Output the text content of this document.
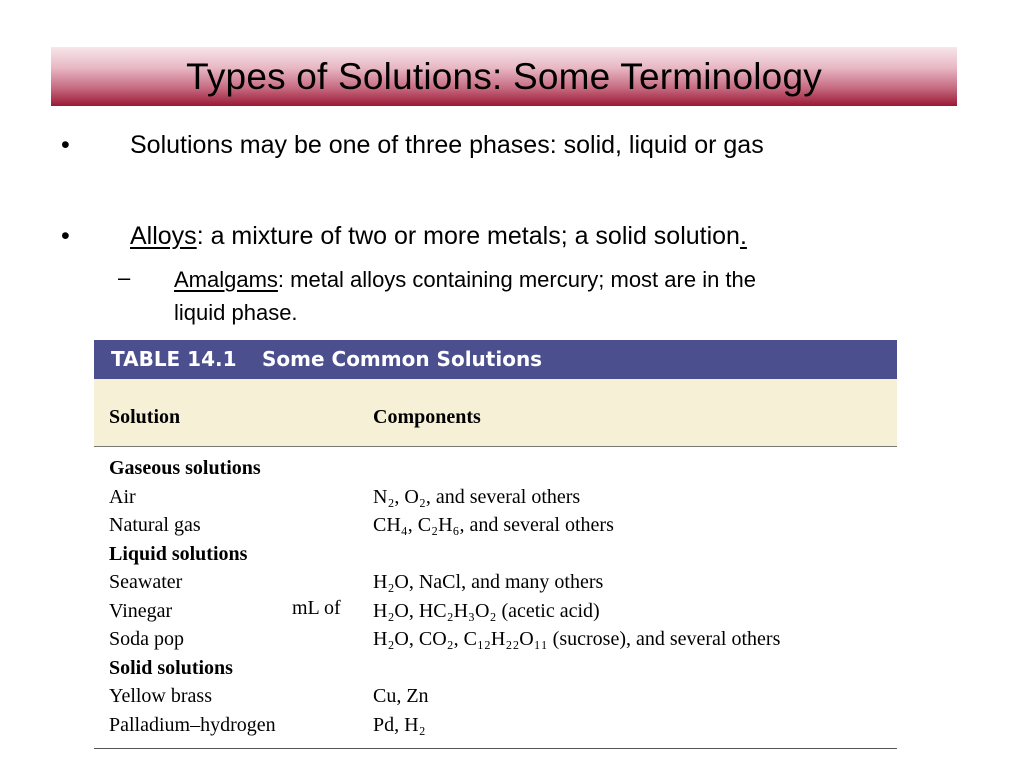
Types of Solutions: Some Terminology
• Solutions may be one of three phases: solid, liquid or gas
• Alloys: a mixture of two or more metals; a solid solution.
– Amalgams: metal alloys containing mercury; most are in the
liquid phase.
TABLE 14.1 Some Common Solutions
Solution	Components
Gaseous solutions
Air	N₂, O₂, and several others
Natural gas	CH₄, C₂H₆, and several others
Liquid solutions
Seawater	H₂O, NaCl, and many others
Vinegar	H₂O, HC₂H₃O₂ (acetic acid)
Soda pop	H₂O, CO₂, C₁₂H₂₂O₁₁ (sucrose), and several others
Solid solutions
Yellow brass	Cu, Zn
Palladium–hydrogen	Pd, H₂
mL of
